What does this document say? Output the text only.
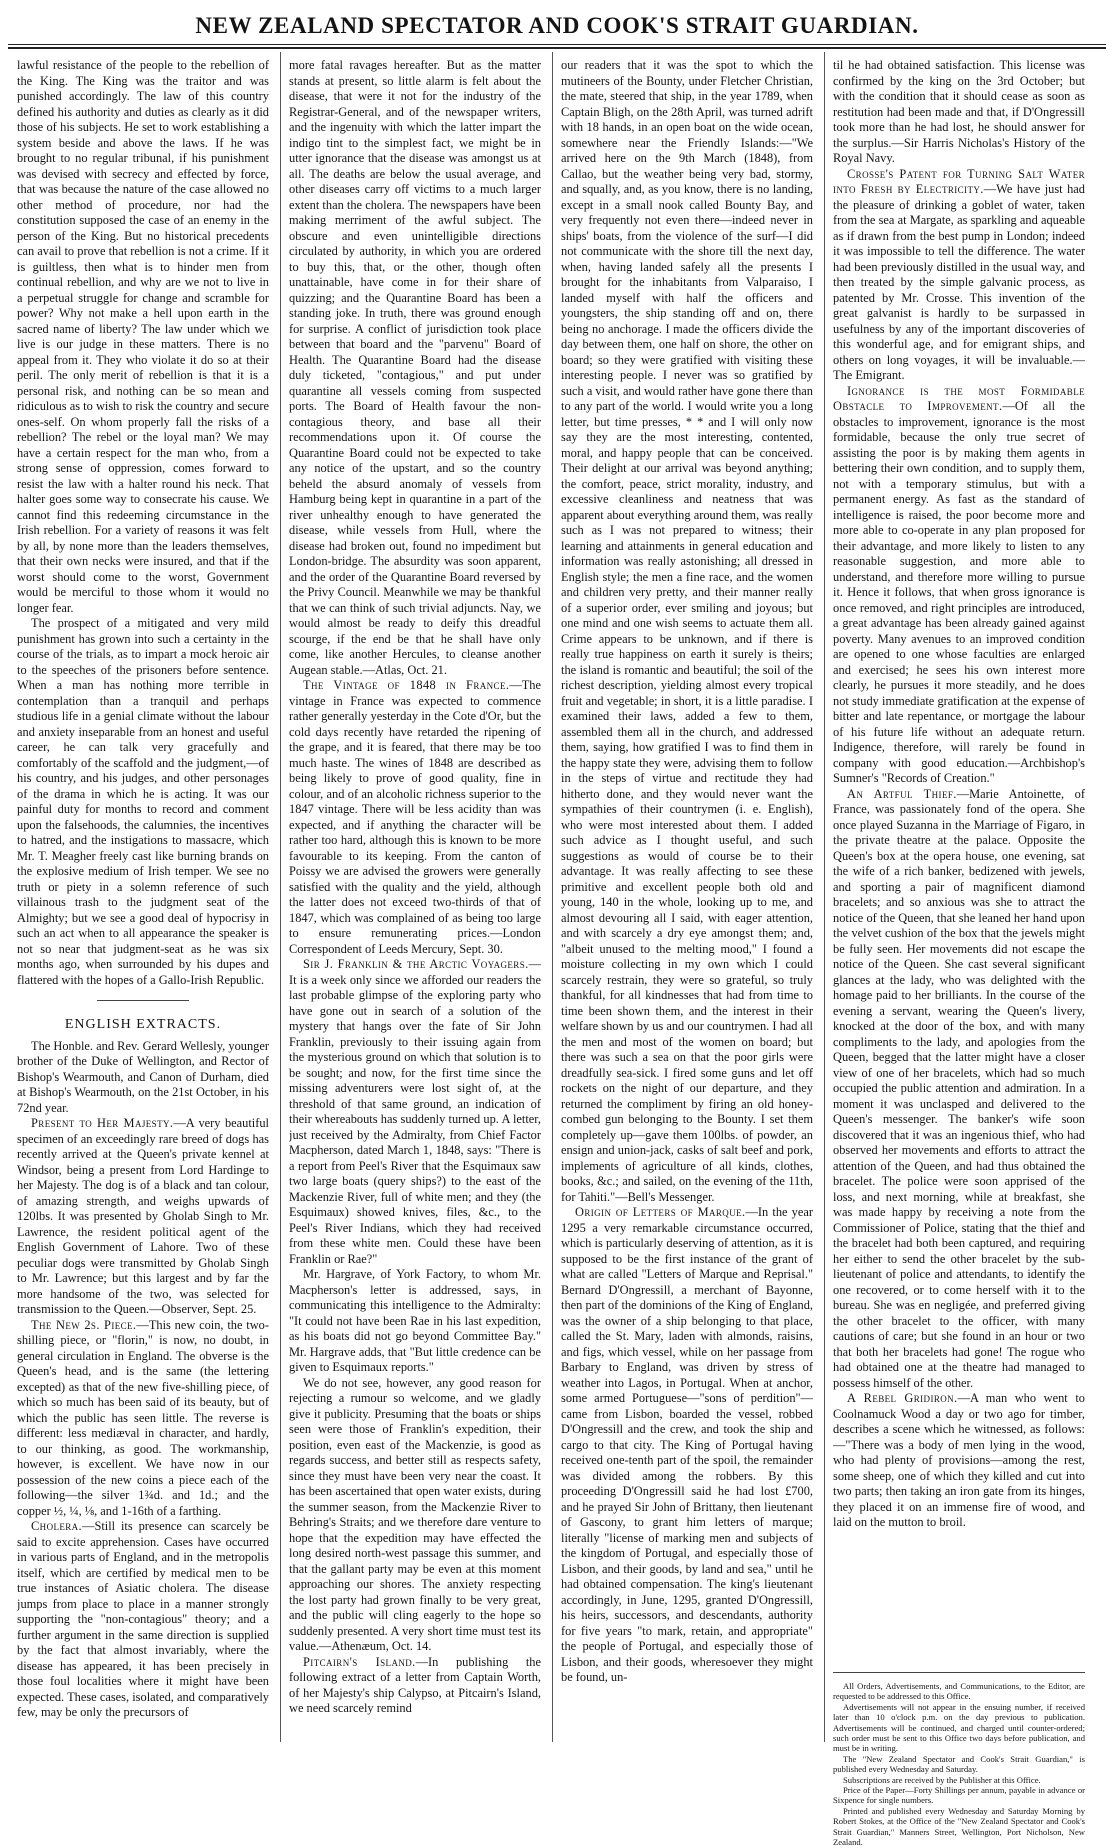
NEW ZEALAND SPECTATOR AND COOK'S STRAIT GUARDIAN.

lawful resistance of the people to the rebellion of the King. The King was the traitor and was punished accordingly. The law of this country defined his authority and duties as clearly as it did those of his subjects. He set to work establishing a system beside and above the laws. If he was brought to no regular tribunal, if his punishment was devised with secrecy and effected by force, that was because the nature of the case allowed no other method of procedure, nor had the constitution supposed the case of an enemy in the person of the King. But no historical precedents can avail to prove that rebellion is not a crime. If it is guiltless, then what is to hinder men from continual rebellion, and why are we not to live in a perpetual struggle for change and scramble for power? Why not make a hell upon earth in the sacred name of liberty? The law under which we live is our judge in these matters. There is no appeal from it. They who violate it do so at their peril. The only merit of rebellion is that it is a personal risk, and nothing can be so mean and ridiculous as to wish to risk the country and secure ones-self. On whom properly fall the risks of a rebellion? The rebel or the loyal man? We may have a certain respect for the man who, from a strong sense of oppression, comes forward to resist the law with a halter round his neck. That halter goes some way to consecrate his cause. We cannot find this redeeming circumstance in the Irish rebellion. For a variety of reasons it was felt by all, by none more than the leaders themselves, that their own necks were insured, and that if the worst should come to the worst, Government would be merciful to those whom it would no longer fear.

The prospect of a mitigated and very mild punishment has grown into such a certainty in the course of the trials, as to impart a mock heroic air to the speeches of the prisoners before sentence. When a man has nothing more terrible in contemplation than a tranquil and perhaps studious life in a genial climate without the labour and anxiety inseparable from an honest and useful career, he can talk very gracefully and comfortably of the scaffold and the judgment,—of his country, and his judges, and other personages of the drama in which he is acting. It was our painful duty for months to record and comment upon the falsehoods, the calumnies, the incentives to hatred, and the instigations to massacre, which Mr. T. Meagher freely cast like burning brands on the explosive medium of Irish temper. We see no truth or piety in a solemn reference of such villainous trash to the judgment seat of the Almighty; but we see a good deal of hypocrisy in such an act when to all appearance the speaker is not so near that judgment-seat as he was six months ago, when surrounded by his dupes and flattered with the hopes of a Gallo-Irish Republic.

ENGLISH EXTRACTS.

The Honble. and Rev. Gerard Wellesly, younger brother of the Duke of Wellington, and Rector of Bishop's Wearmouth, and Canon of Durham, died at Bishop's Wearmouth, on the 21st October, in his 72nd year.

Present to Her Majesty.—A very beautiful specimen of an exceedingly rare breed of dogs has recently arrived at the Queen's private kennel at Windsor, being a present from Lord Hardinge to her Majesty. The dog is of a black and tan colour, of amazing strength, and weighs upwards of 120lbs. It was presented by Gholab Singh to Mr. Lawrence, the resident political agent of the English Government of Lahore. Two of these peculiar dogs were transmitted by Gholab Singh to Mr. Lawrence; but this largest and by far the more handsome of the two, was selected for transmission to the Queen.—Observer, Sept. 25.

The New 2s. Piece.—This new coin, the two-shilling piece, or "florin," is now, no doubt, in general circulation in England. The obverse is the Queen's head, and is the same (the lettering excepted) as that of the new five-shilling piece, of which so much has been said of its beauty, but of which the public has seen little. The reverse is different: less mediæval in character, and hardly, to our thinking, as good. The workmanship, however, is excellent. We have now in our possession of the new coins a piece each of the following—the silver 1¾d. and 1d.; and the copper ½, ¼, ⅛, and 1-16th of a farthing.

Cholera.—Still its presence can scarcely be said to excite apprehension. Cases have occurred in various parts of England, and in the metropolis itself, which are certified by medical men to be true instances of Asiatic cholera. The disease jumps from place to place in a manner strongly supporting the "non-contagious" theory; and a further argument in the same direction is supplied by the fact that almost invariably, where the disease has appeared, it has been precisely in those foul localities where it might have been expected. These cases, isolated, and comparatively few, may be only the precursors of

more fatal ravages hereafter. But as the matter stands at present, so little alarm is felt about the disease, that were it not for the industry of the Registrar-General, and of the newspaper writers, and the ingenuity with which the latter impart the indigo tint to the simplest fact, we might be in utter ignorance that the disease was amongst us at all. The deaths are below the usual average, and other diseases carry off victims to a much larger extent than the cholera. The newspapers have been making merriment of the awful subject. The obscure and even unintelligible directions circulated by authority, in which you are ordered to buy this, that, or the other, though often unattainable, have come in for their share of quizzing; and the Quarantine Board has been a standing joke. In truth, there was ground enough for surprise. A conflict of jurisdiction took place between that board and the "parvenu" Board of Health. The Quarantine Board had the disease duly ticketed, "contagious," and put under quarantine all vessels coming from suspected ports. The Board of Health favour the non-contagious theory, and base all their recommendations upon it. Of course the Quarantine Board could not be expected to take any notice of the upstart, and so the country beheld the absurd anomaly of vessels from Hamburg being kept in quarantine in a part of the river unhealthy enough to have generated the disease, while vessels from Hull, where the disease had broken out, found no impediment but London-bridge. The absurdity was soon apparent, and the order of the Quarantine Board reversed by the Privy Council. Meanwhile we may be thankful that we can think of such trivial adjuncts. Nay, we would almost be ready to deify this dreadful scourge, if the end be that he shall have only come, like another Hercules, to cleanse another Augean stable.—Atlas, Oct. 21.

The Vintage of 1848 in France.—The vintage in France was expected to commence rather generally yesterday in the Cote d'Or, but the cold days recently have retarded the ripening of the grape, and it is feared, that there may be too much haste. The wines of 1848 are described as being likely to prove of good quality, fine in colour, and of an alcoholic richness superior to the 1847 vintage. There will be less acidity than was expected, and if anything the character will be rather too hard, although this is known to be more favourable to its keeping. From the canton of Poissy we are advised the growers were generally satisfied with the quality and the yield, although the latter does not exceed two-thirds of that of 1847, which was complained of as being too large to ensure remunerating prices.—London Correspondent of Leeds Mercury, Sept. 30.

Sir J. Franklin & the Arctic Voyagers.—It is a week only since we afforded our readers the last probable glimpse of the exploring party who have gone out in search of a solution of the mystery that hangs over the fate of Sir John Franklin, previously to their issuing again from the mysterious ground on which that solution is to be sought; and now, for the first time since the missing adventurers were lost sight of, at the threshold of that same ground, an indication of their whereabouts has suddenly turned up. A letter, just received by the Admiralty, from Chief Factor Macpherson, dated March 1, 1848, says: "There is a report from Peel's River that the Esquimaux saw two large boats (query ships?) to the east of the Mackenzie River, full of white men; and they (the Esquimaux) showed knives, files, &c., to the Peel's River Indians, which they had received from these white men. Could these have been Franklin or Rae?"

Mr. Hargrave, of York Factory, to whom Mr. Macpherson's letter is addressed, says, in communicating this intelligence to the Admiralty: "It could not have been Rae in his last expedition, as his boats did not go beyond Committee Bay." Mr. Hargrave adds, that "But little credence can be given to Esquimaux reports."

We do not see, however, any good reason for rejecting a rumour so welcome, and we gladly give it publicity. Presuming that the boats or ships seen were those of Franklin's expedition, their position, even east of the Mackenzie, is good as regards success, and better still as respects safety, since they must have been very near the coast. It has been ascertained that open water exists, during the summer season, from the Mackenzie River to Behring's Straits; and we therefore dare venture to hope that the expedition may have effected the long desired north-west passage this summer, and that the gallant party may be even at this moment approaching our shores. The anxiety respecting the lost party had grown finally to be very great, and the public will cling eagerly to the hope so suddenly presented. A very short time must test its value.—Athenæum, Oct. 14.

Pitcairn's Island.—In publishing the following extract of a letter from Captain Worth, of her Majesty's ship Calypso, at Pitcairn's Island, we need scarcely remind

our readers that it was the spot to which the mutineers of the Bounty, under Fletcher Christian, the mate, steered that ship, in the year 1789, when Captain Bligh, on the 28th April, was turned adrift with 18 hands, in an open boat on the wide ocean, somewhere near the Friendly Islands:—"We arrived here on the 9th March (1848), from Callao, but the weather being very bad, stormy, and squally, and, as you know, there is no landing, except in a small nook called Bounty Bay, and very frequently not even there—indeed never in ships' boats, from the violence of the surf—I did not communicate with the shore till the next day, when, having landed safely all the presents I brought for the inhabitants from Valparaiso, I landed myself with half the officers and youngsters, the ship standing off and on, there being no anchorage. I made the officers divide the day between them, one half on shore, the other on board; so they were gratified with visiting these interesting people. I never was so gratified by such a visit, and would rather have gone there than to any part of the world. I would write you a long letter, but time presses, * * and I will only now say they are the most interesting, contented, moral, and happy people that can be conceived. Their delight at our arrival was beyond anything; the comfort, peace, strict morality, industry, and excessive cleanliness and neatness that was apparent about everything around them, was really such as I was not prepared to witness; their learning and attainments in general education and information was really astonishing; all dressed in English style; the men a fine race, and the women and children very pretty, and their manner really of a superior order, ever smiling and joyous; but one mind and one wish seems to actuate them all. Crime appears to be unknown, and if there is really true happiness on earth it surely is theirs; the island is romantic and beautiful; the soil of the richest description, yielding almost every tropical fruit and vegetable; in short, it is a little paradise. I examined their laws, added a few to them, assembled them all in the church, and addressed them, saying, how gratified I was to find them in the happy state they were, advising them to follow in the steps of virtue and rectitude they had hitherto done, and they would never want the sympathies of their countrymen (i. e. English), who were most interested about them. I added such advice as I thought useful, and such suggestions as would of course be to their advantage. It was really affecting to see these primitive and excellent people both old and young, 140 in the whole, looking up to me, and almost devouring all I said, with eager attention, and with scarcely a dry eye amongst them; and, "albeit unused to the melting mood," I found a moisture collecting in my own which I could scarcely restrain, they were so grateful, so truly thankful, for all kindnesses that had from time to time been shown them, and the interest in their welfare shown by us and our countrymen. I had all the men and most of the women on board; but there was such a sea on that the poor girls were dreadfully sea-sick. I fired some guns and let off rockets on the night of our departure, and they returned the compliment by firing an old honey-combed gun belonging to the Bounty. I set them completely up—gave them 100lbs. of powder, an ensign and union-jack, casks of salt beef and pork, implements of agriculture of all kinds, clothes, books, &c.; and sailed, on the evening of the 11th, for Tahiti."—Bell's Messenger.

Origin of Letters of Marque.—In the year 1295 a very remarkable circumstance occurred, which is particularly deserving of attention, as it is supposed to be the first instance of the grant of what are called "Letters of Marque and Reprisal." Bernard D'Ongressill, a merchant of Bayonne, then part of the dominions of the King of England, was the owner of a ship belonging to that place, called the St. Mary, laden with almonds, raisins, and figs, which vessel, while on her passage from Barbary to England, was driven by stress of weather into Lagos, in Portugal. When at anchor, some armed Portuguese—"sons of perdition"—came from Lisbon, boarded the vessel, robbed D'Ongressill and the crew, and took the ship and cargo to that city. The King of Portugal having received one-tenth part of the spoil, the remainder was divided among the robbers. By this proceeding D'Ongressill said he had lost £700, and he prayed Sir John of Brittany, then lieutenant of Gascony, to grant him letters of marque; literally "license of marking men and subjects of the kingdom of Portugal, and especially those of Lisbon, and their goods, by land and sea," until he had obtained compensation. The king's lieutenant accordingly, in June, 1295, granted D'Ongressill, his heirs, successors, and descendants, authority for five years "to mark, retain, and appropriate" the people of Portugal, and especially those of Lisbon, and their goods, wheresoever they might be found, un-

til he had obtained satisfaction. This license was confirmed by the king on the 3rd October; but with the condition that it should cease as soon as restitution had been made and that, if D'Ongressill took more than he had lost, he should answer for the surplus.—Sir Harris Nicholas's History of the Royal Navy.

Crosse's Patent for Turning Salt Water into Fresh by Electricity.—We have just had the pleasure of drinking a goblet of water, taken from the sea at Margate, as sparkling and aqueable as if drawn from the best pump in London; indeed it was impossible to tell the difference. The water had been previously distilled in the usual way, and then treated by the simple galvanic process, as patented by Mr. Crosse. This invention of the great galvanist is hardly to be surpassed in usefulness by any of the important discoveries of this wonderful age, and for emigrant ships, and others on long voyages, it will be invaluable.—The Emigrant.

Ignorance is the most Formidable Obstacle to Improvement.—Of all the obstacles to improvement, ignorance is the most formidable, because the only true secret of assisting the poor is by making them agents in bettering their own condition, and to supply them, not with a temporary stimulus, but with a permanent energy. As fast as the standard of intelligence is raised, the poor become more and more able to co-operate in any plan proposed for their advantage, and more likely to listen to any reasonable suggestion, and more able to understand, and therefore more willing to pursue it. Hence it follows, that when gross ignorance is once removed, and right principles are introduced, a great advantage has been already gained against poverty. Many avenues to an improved condition are opened to one whose faculties are enlarged and exercised; he sees his own interest more clearly, he pursues it more steadily, and he does not study immediate gratification at the expense of bitter and late repentance, or mortgage the labour of his future life without an adequate return. Indigence, therefore, will rarely be found in company with good education.—Archbishop's Sumner's "Records of Creation."

An Artful Thief.—Marie Antoinette, of France, was passionately fond of the opera. She once played Suzanna in the Marriage of Figaro, in the private theatre at the palace. Opposite the Queen's box at the opera house, one evening, sat the wife of a rich banker, bedizened with jewels, and sporting a pair of magnificent diamond bracelets; and so anxious was she to attract the notice of the Queen, that she leaned her hand upon the velvet cushion of the box that the jewels might be fully seen. Her movements did not escape the notice of the Queen. She cast several significant glances at the lady, who was delighted with the homage paid to her brilliants. In the course of the evening a servant, wearing the Queen's livery, knocked at the door of the box, and with many compliments to the lady, and apologies from the Queen, begged that the latter might have a closer view of one of her bracelets, which had so much occupied the public attention and admiration. In a moment it was unclasped and delivered to the Queen's messenger. The banker's wife soon discovered that it was an ingenious thief, who had observed her movements and efforts to attract the attention of the Queen, and had thus obtained the bracelet. The police were soon apprised of the loss, and next morning, while at breakfast, she was made happy by receiving a note from the Commissioner of Police, stating that the thief and the bracelet had both been captured, and requiring her either to send the other bracelet by the sub-lieutenant of police and attendants, to identify the one recovered, or to come herself with it to the bureau. She was en negligée, and preferred giving the other bracelet to the officer, with many cautions of care; but she found in an hour or two that both her bracelets had gone! The rogue who had obtained one at the theatre had managed to possess himself of the other.

A Rebel Gridiron.—A man who went to Coolnamuck Wood a day or two ago for timber, describes a scene which he witnessed, as follows:—"There was a body of men lying in the wood, who had plenty of provisions—among the rest, some sheep, one of which they killed and cut into two parts; then taking an iron gate from its hinges, they placed it on an immense fire of wood, and laid on the mutton to broil.

All Orders, Advertisements, and Communications, to the Editor, are requested to be addressed to this Office.

Advertisements will not appear in the ensuing number, if received later than 10 o'clock p.m. on the day previous to publication. Advertisements will be continued, and charged until counter-ordered; such order must be sent to this Office two days before publication, and must be in writing.

The "New Zealand Spectator and Cook's Strait Guardian," is published every Wednesday and Saturday.

Subscriptions are received by the Publisher at this Office.

Price of the Paper—Forty Shillings per annum, payable in advance or Sixpence for single numbers.

Printed and published every Wednesday and Saturday Morning by Robert Stokes, at the Office of the "New Zealand Spectator and Cook's Strait Guardian," Manners Street, Wellington, Port Nicholson, New Zealand.
